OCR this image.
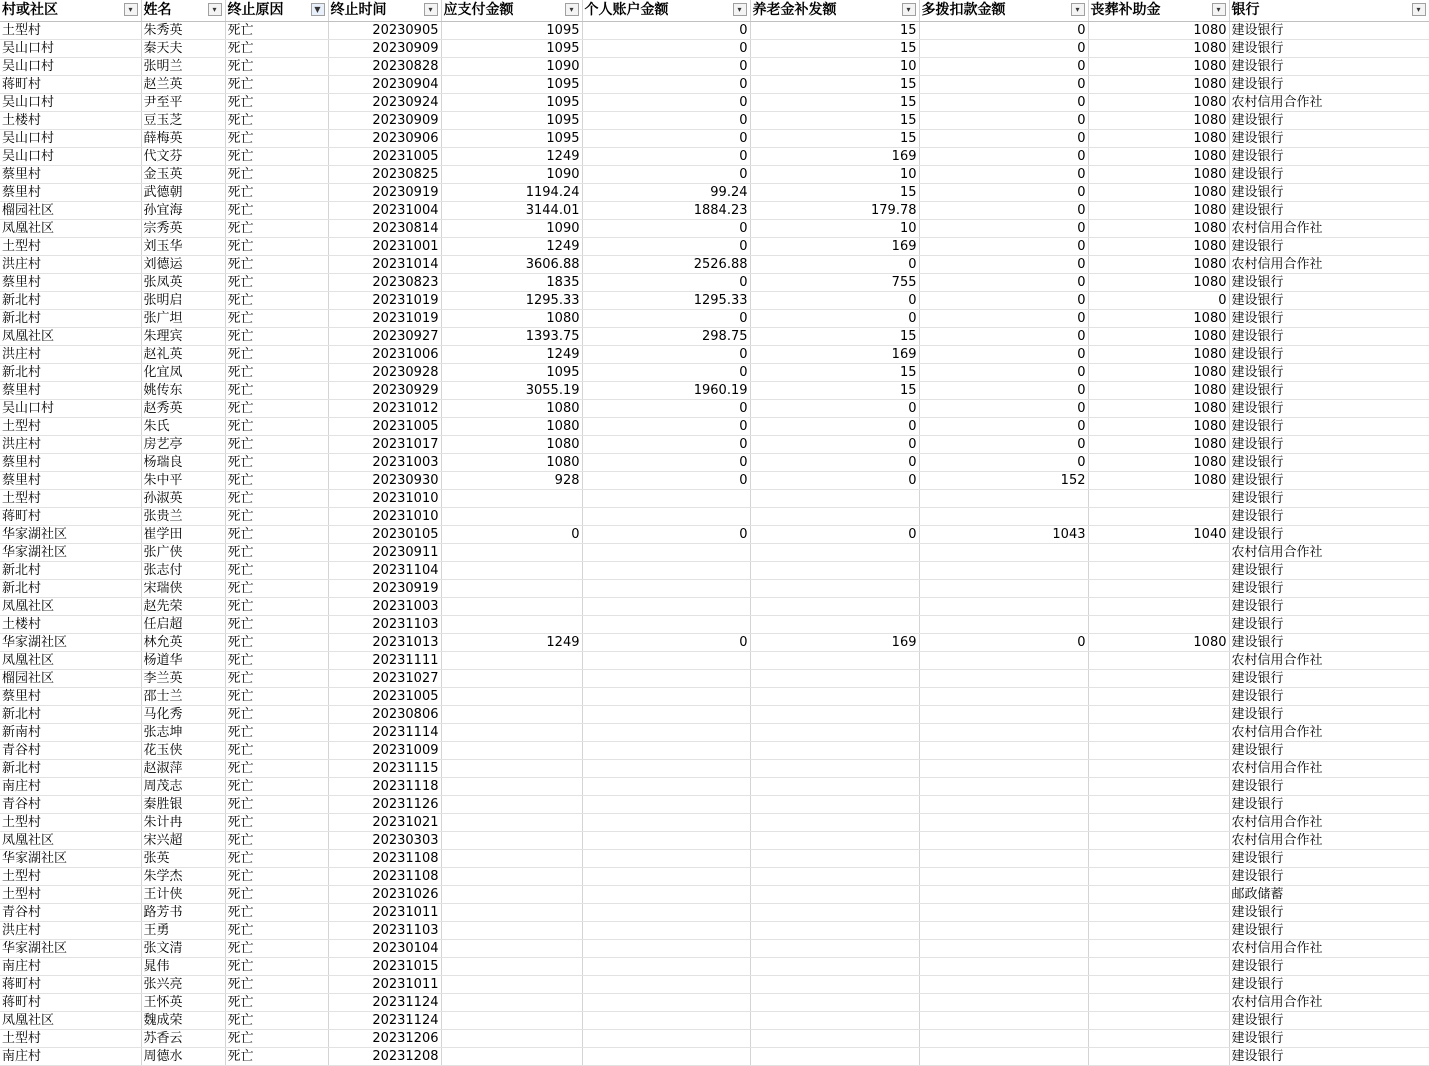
村或社区 ▾	姓名 ▾	终止原因 ▼	终止时间 ▾	应支付金额 ▾	个人账户金额 ▾	养老金补发额 ▾	多拨扣款金额 ▾	丧葬补助金 ▾	银行 ▾

土型村	朱秀英	死亡	20230905	1095	0	15	0	1080	建设银行
吴山口村	秦天夫	死亡	20230909	1095	0	15	0	1080	建设银行
吴山口村	张明兰	死亡	20230828	1090	0	10	0	1080	建设银行
蒋町村	赵兰英	死亡	20230904	1095	0	15	0	1080	建设银行
吴山口村	尹至平	死亡	20230924	1095	0	15	0	1080	农村信用合作社
土楼村	豆玉芝	死亡	20230909	1095	0	15	0	1080	建设银行
吴山口村	薛梅英	死亡	20230906	1095	0	15	0	1080	建设银行
吴山口村	代文芬	死亡	20231005	1249	0	169	0	1080	建设银行
蔡里村	金玉英	死亡	20230825	1090	0	10	0	1080	建设银行
蔡里村	武德朝	死亡	20230919	1194.24	99.24	15	0	1080	建设银行
榴园社区	孙宜海	死亡	20231004	3144.01	1884.23	179.78	0	1080	建设银行
凤凰社区	宗秀英	死亡	20230814	1090	0	10	0	1080	农村信用合作社
土型村	刘玉华	死亡	20231001	1249	0	169	0	1080	建设银行
洪庄村	刘德运	死亡	20231014	3606.88	2526.88	0	0	1080	农村信用合作社
蔡里村	张凤英	死亡	20230823	1835	0	755	0	1080	建设银行
新北村	张明启	死亡	20231019	1295.33	1295.33	0	0	0	建设银行
新北村	张广坦	死亡	20231019	1080	0	0	0	1080	建设银行
凤凰社区	朱理宾	死亡	20230927	1393.75	298.75	15	0	1080	建设银行
洪庄村	赵礼英	死亡	20231006	1249	0	169	0	1080	建设银行
新北村	化宜凤	死亡	20230928	1095	0	15	0	1080	建设银行
蔡里村	姚传东	死亡	20230929	3055.19	1960.19	15	0	1080	建设银行
吴山口村	赵秀英	死亡	20231012	1080	0	0	0	1080	建设银行
土型村	朱氏	死亡	20231005	1080	0	0	0	1080	建设银行
洪庄村	房艺亭	死亡	20231017	1080	0	0	0	1080	建设银行
蔡里村	杨瑞良	死亡	20231003	1080	0	0	0	1080	建设银行
蔡里村	朱中平	死亡	20230930	928	0	0	152	1080	建设银行
土型村	孙淑英	死亡	20231010						建设银行
蒋町村	张贵兰	死亡	20231010						建设银行
华家湖社区	崔学田	死亡	20230105	0	0	0	1043	1040	建设银行
华家湖社区	张广侠	死亡	20230911						农村信用合作社
新北村	张志付	死亡	20231104						建设银行
新北村	宋瑞侠	死亡	20230919						建设银行
凤凰社区	赵先荣	死亡	20231003						建设银行
土楼村	任启超	死亡	20231103						建设银行
华家湖社区	林允英	死亡	20231013	1249	0	169	0	1080	建设银行
凤凰社区	杨道华	死亡	20231111						农村信用合作社
榴园社区	李兰英	死亡	20231027						建设银行
蔡里村	邵士兰	死亡	20231005						建设银行
新北村	马化秀	死亡	20230806						建设银行
新南村	张志坤	死亡	20231114						农村信用合作社
青谷村	花玉侠	死亡	20231009						建设银行
新北村	赵淑萍	死亡	20231115						农村信用合作社
南庄村	周茂志	死亡	20231118						建设银行
青谷村	秦胜银	死亡	20231126						建设银行
土型村	朱计冉	死亡	20231021						农村信用合作社
凤凰社区	宋兴超	死亡	20230303						农村信用合作社
华家湖社区	张英	死亡	20231108						建设银行
土型村	朱学杰	死亡	20231108						建设银行
土型村	王计侠	死亡	20231026						邮政储蓄
青谷村	路芳书	死亡	20231011						建设银行
洪庄村	王勇	死亡	20231103						建设银行
华家湖社区	张文清	死亡	20230104						农村信用合作社
南庄村	晁伟	死亡	20231015						建设银行
蒋町村	张兴亮	死亡	20231011						建设银行
蒋町村	王怀英	死亡	20231124						农村信用合作社
凤凰社区	魏成荣	死亡	20231124						建设银行
土型村	苏香云	死亡	20231206						建设银行
南庄村	周德水	死亡	20231208						建设银行
